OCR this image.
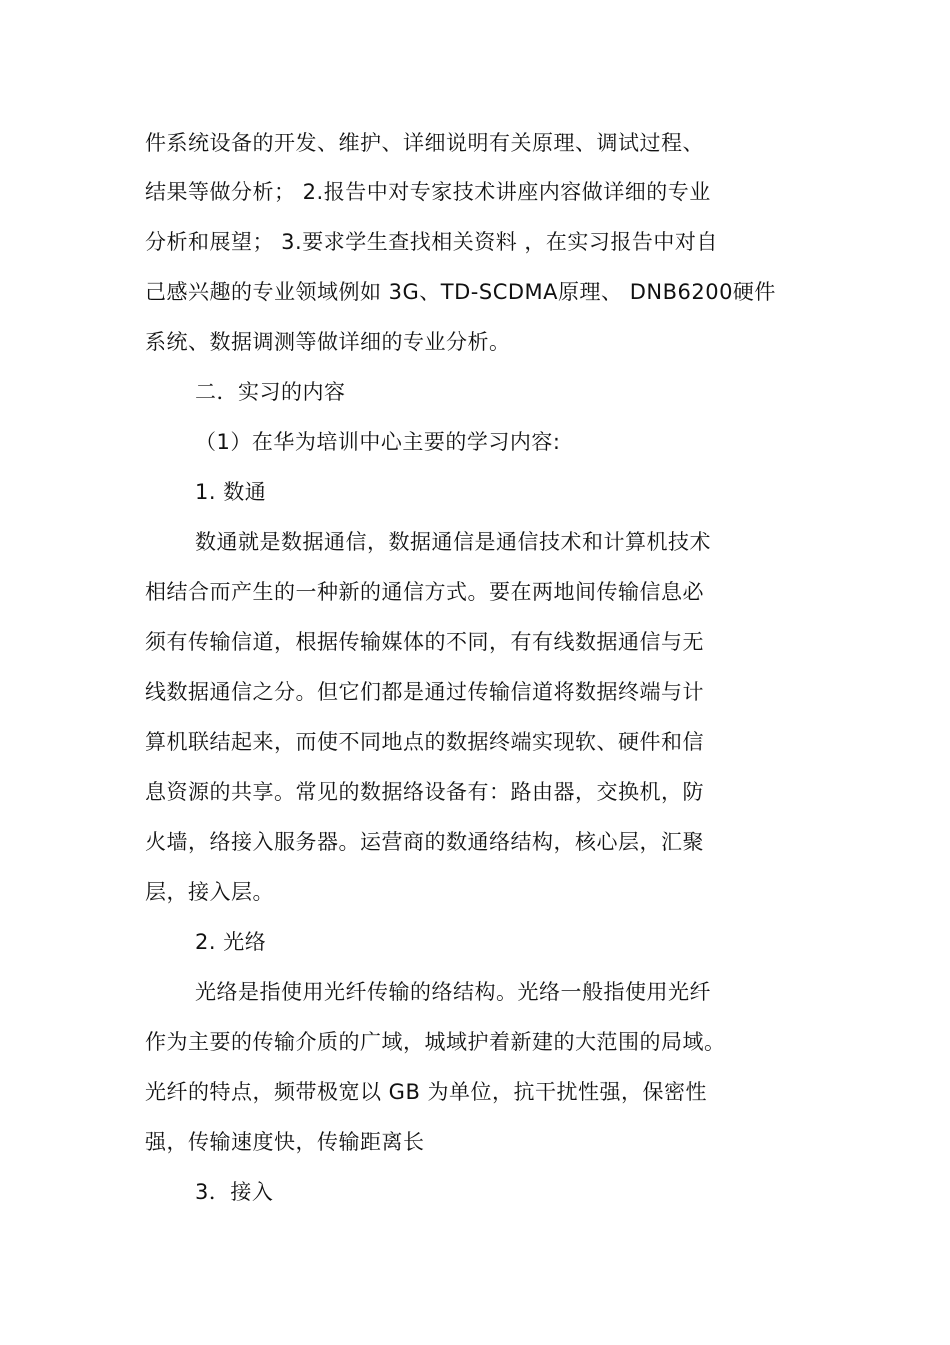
件系统设备的开发、维护、详细说明有关原理、调试过程、
结果等做分析； 2.报告中对专家技术讲座内容做详细的专业
分析和展望； 3.要求学生查找相关资料 ，在实习报告中对自
己感兴趣的专业领域例如 3G、TD-SCDMA原理、 DNB6200硬件
系统、数据调测等做详细的专业分析。
二．实习的内容
（1）在华为培训中心主要的学习内容:
1. 数通
数通就是数据通信，数据通信是通信技术和计算机技术
相结合而产生的一种新的通信方式。要在两地间传输信息必
须有传输信道，根据传输媒体的不同，有有线数据通信与无
线数据通信之分。但它们都是通过传输信道将数据终端与计
算机联结起来，而使不同地点的数据终端实现软、硬件和信
息资源的共享。常见的数据络设备有：路由器，交换机，防
火墙，络接入服务器。运营商的数通络结构，核心层，汇聚
层，接入层。
2. 光络
光络是指使用光纤传输的络结构。光络一般指使用光纤
作为主要的传输介质的广域，城域护着新建的大范围的局域。
光纤的特点，频带极宽以 GB 为单位，抗干扰性强，保密性
强，传输速度快，传输距离长
3．接入
